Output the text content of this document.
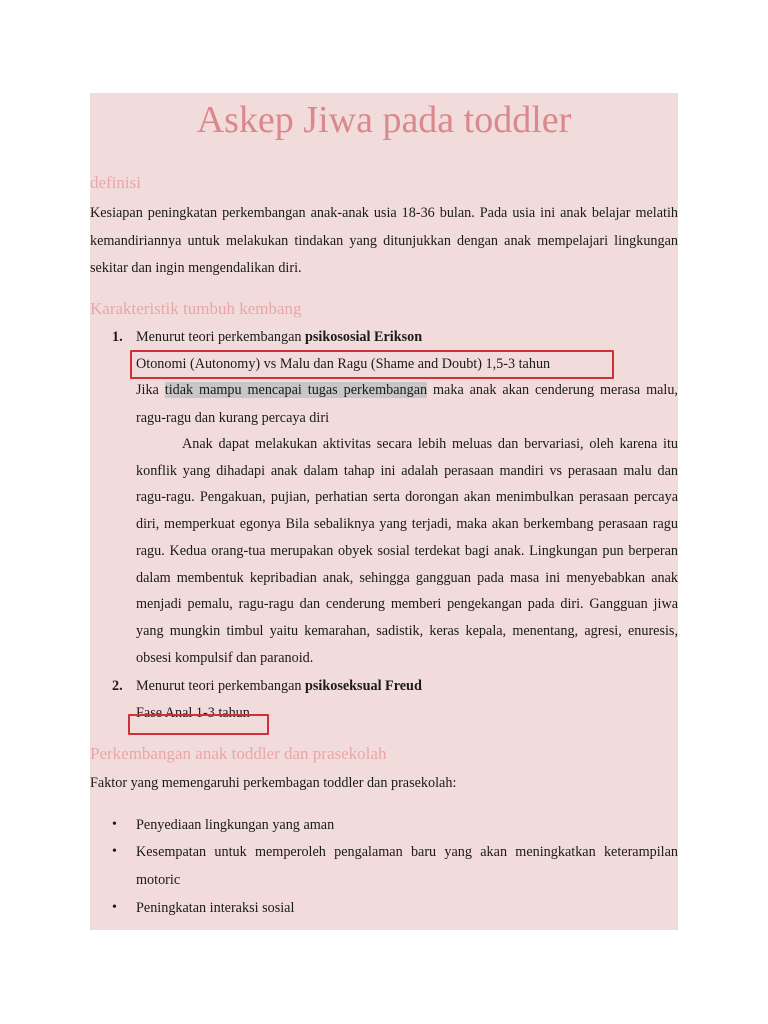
Askep Jiwa pada toddler
definisi

Kesiapan peningkatan perkembangan anak-anak usia 18-36 bulan. Pada usia ini anak belajar melatih kemandiriannya untuk melakukan tindakan yang ditunjukkan dengan anak mempelajari lingkungan sekitar dan ingin mengendalikan diri.

Karakteristik tumbuh kembang
1. Menurut teori perkembangan psikososial Erikson
Otonomi (Autonomy) vs Malu dan Ragu (Shame and Doubt) 1,5-3 tahun

Jika tidak mampu mencapai tugas perkembangan maka anak akan cenderung merasa malu, ragu-ragu dan kurang percaya diri

Anak dapat melakukan aktivitas secara lebih meluas dan bervariasi, oleh karena itu konflik yang dihadapi anak dalam tahap ini adalah perasaan mandiri vs perasaan malu dan ragu-ragu. Pengakuan, pujian, perhatian serta dorongan akan menimbulkan perasaan percaya diri, memperkuat egonya Bila sebaliknya yang terjadi, maka akan berkembang perasaan ragu ragu. Kedua orang-tua merupakan obyek sosial terdekat bagi anak. Lingkungan pun berperan dalam membentuk kepribadian anak, sehingga gangguan pada masa ini menyebabkan anak menjadi pemalu, ragu-ragu dan cenderung memberi pengekangan pada diri. Gangguan jiwa yang mungkin timbul yaitu kemarahan, sadistik, keras kepala, menentang, agresi, enuresis, obsesi kompulsif dan paranoid.

2. Menurut teori perkembangan psikoseksual Freud
Fase Anal 1-3 tahun
Perkembangan anak toddler dan prasekolah
Faktor yang memengaruhi perkembagan toddler dan prasekolah:
• Penyediaan lingkungan yang aman
• Kesempatan untuk memperoleh pengalaman baru yang akan meningkatkan keterampilan motoric

• Peningkatan interaksi sosial
